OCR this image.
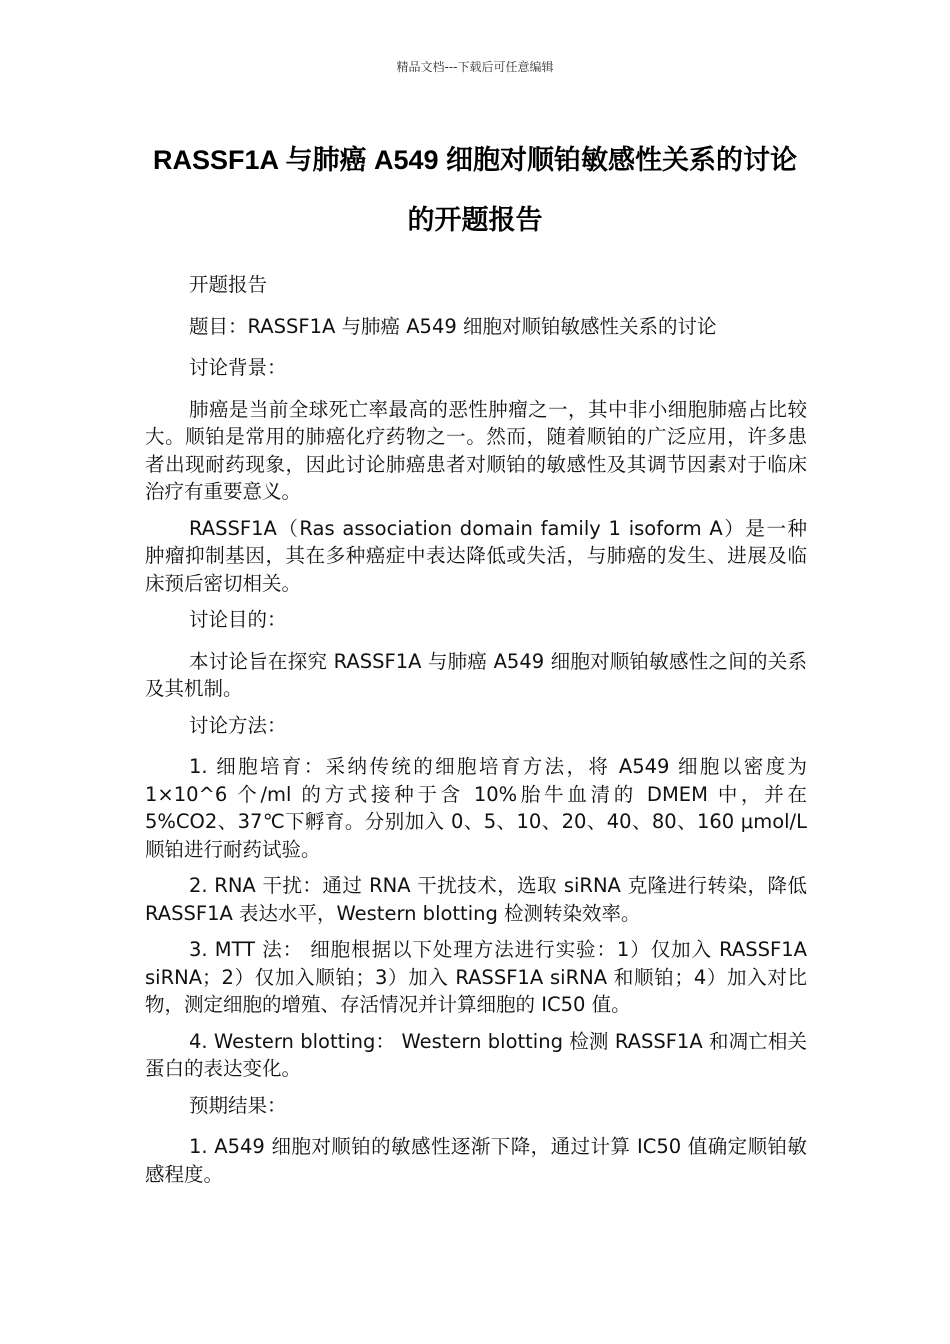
精品文档---下载后可任意编辑
RASSF1A 与肺癌 A549 细胞对顺铂敏感性关系的讨论的开题报告

开题报告

题目：RASSF1A 与肺癌 A549 细胞对顺铂敏感性关系的讨论

讨论背景：

肺癌是当前全球死亡率最高的恶性肿瘤之一，其中非小细胞肺癌占比较大。顺铂是常用的肺癌化疗药物之一。然而，随着顺铂的广泛应用，许多患者出现耐药现象，因此讨论肺癌患者对顺铂的敏感性及其调节因素对于临床治疗有重要意义。

RASSF1A（Ras association domain family 1 isoform A）是一种肿瘤抑制基因，其在多种癌症中表达降低或失活，与肺癌的发生、进展及临床预后密切相关。

讨论目的：

本讨论旨在探究 RASSF1A 与肺癌 A549 细胞对顺铂敏感性之间的关系及其机制。

讨论方法：

1. 细胞培育：采纳传统的细胞培育方法，将 A549 细胞以密度为 1×10^6 个/ml 的方式接种于含 10%胎牛血清的 DMEM 中，并在 5%CO2、37℃下孵育。分别加入 0、5、10、20、40、80、160 μmol/L 顺铂进行耐药试验。

2. RNA 干扰：通过 RNA 干扰技术，选取 siRNA 克隆进行转染，降低 RASSF1A 表达水平，Western blotting 检测转染效率。

3. MTT 法： 细胞根据以下处理方法进行实验：1）仅加入 RASSF1A siRNA；2）仅加入顺铂；3）加入 RASSF1A siRNA 和顺铂；4）加入对比物，测定细胞的增殖、存活情况并计算细胞的 IC50 值。

4. Western blotting： Western blotting 检测 RASSF1A 和凋亡相关蛋白的表达变化。

预期结果：

1. A549 细胞对顺铂的敏感性逐渐下降，通过计算 IC50 值确定顺铂敏感程度。
